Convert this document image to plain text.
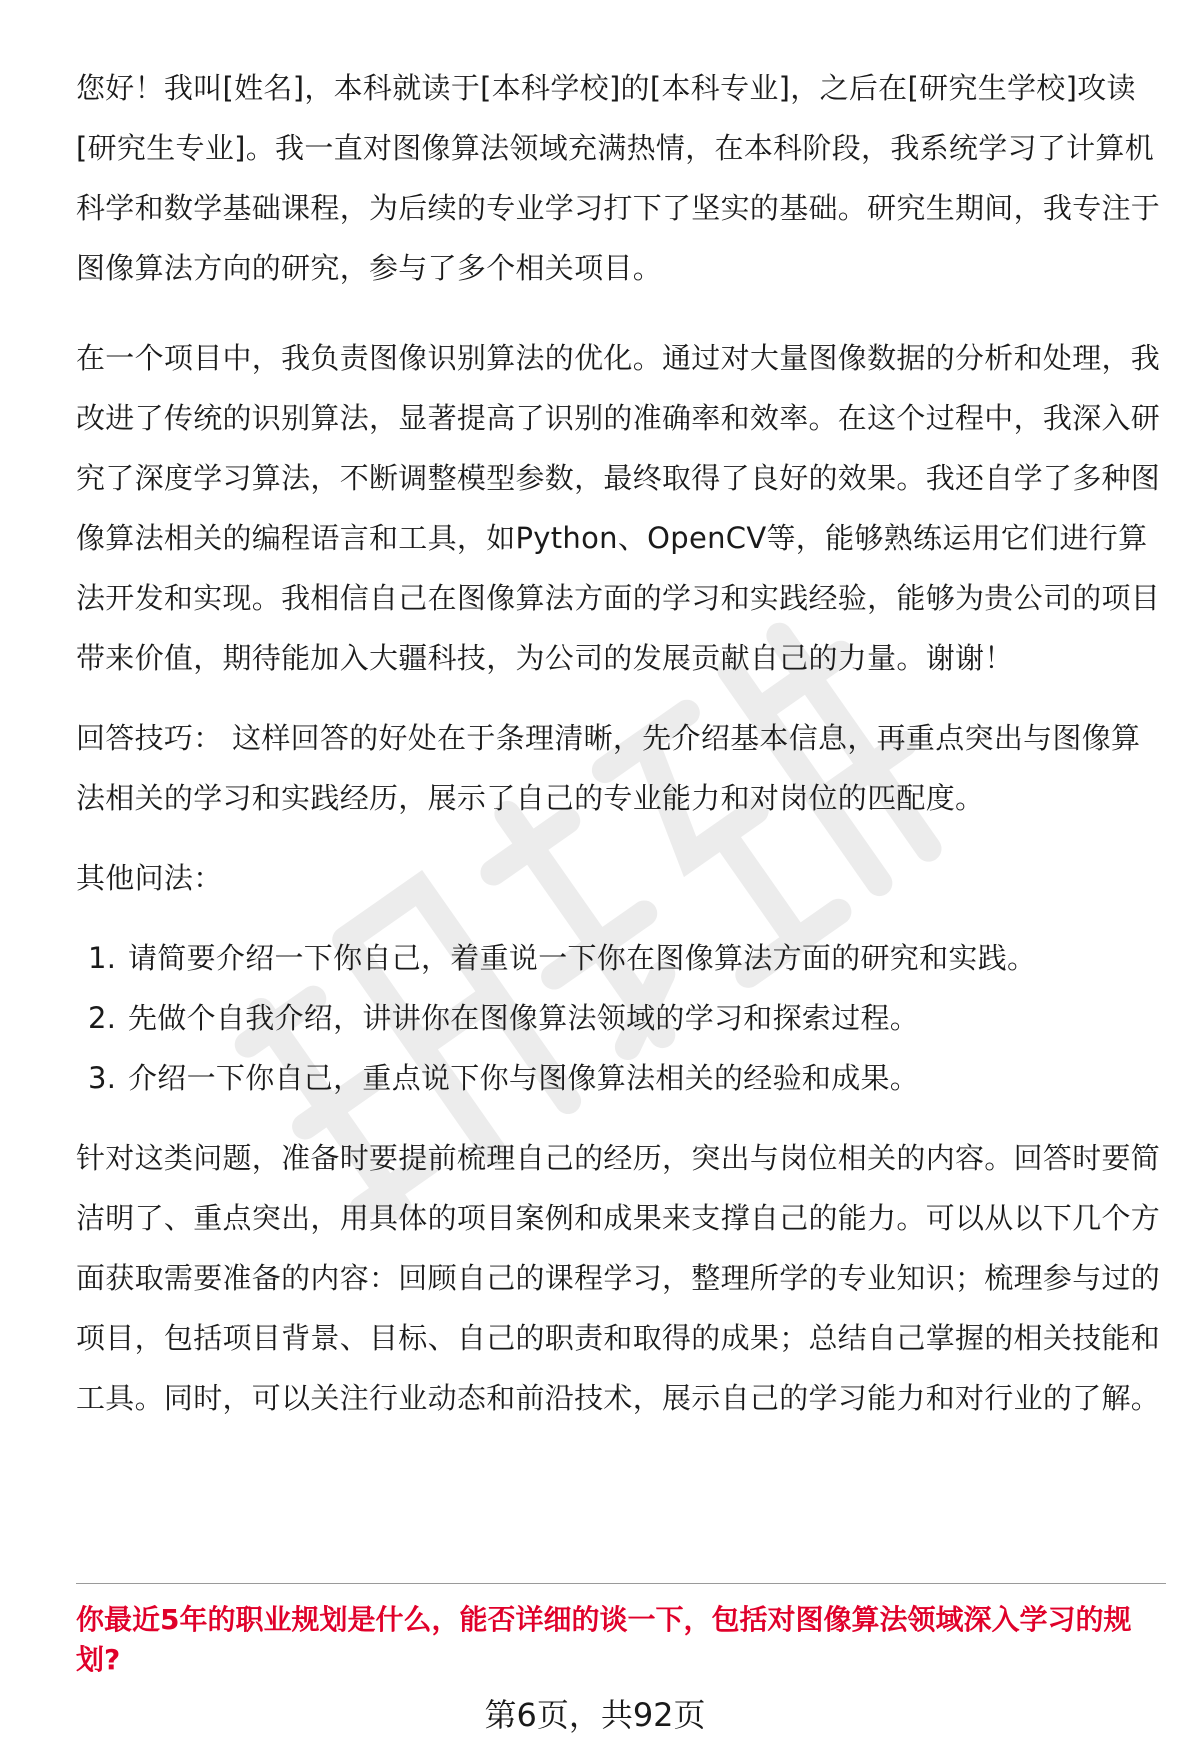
您好！我叫[姓名]，本科就读于[本科学校]的[本科专业]，之后在[研究生学校]攻读[研究生专业]。我一直对图像算法领域充满热情，在本科阶段，我系统学习了计算机科学和数学基础课程，为后续的专业学习打下了坚实的基础。研究生期间，我专注于图像算法方向的研究，参与了多个相关项目。

在一个项目中，我负责图像识别算法的优化。通过对大量图像数据的分析和处理，我改进了传统的识别算法，显著提高了识别的准确率和效率。在这个过程中，我深入研究了深度学习算法，不断调整模型参数，最终取得了良好的效果。我还自学了多种图像算法相关的编程语言和工具，如Python、OpenCV等，能够熟练运用它们进行算法开发和实现。我相信自己在图像算法方面的学习和实践经验，能够为贵公司的项目带来价值，期待能加入大疆科技，为公司的发展贡献自己的力量。谢谢！

回答技巧： 这样回答的好处在于条理清晰，先介绍基本信息，再重点突出与图像算法相关的学习和实践经历，展示了自己的专业能力和对岗位的匹配度。

其他问法：

1. 请简要介绍一下你自己，着重说一下你在图像算法方面的研究和实践。
2. 先做个自我介绍，讲讲你在图像算法领域的学习和探索过程。
3. 介绍一下你自己，重点说下你与图像算法相关的经验和成果。

针对这类问题，准备时要提前梳理自己的经历，突出与岗位相关的内容。回答时要简洁明了、重点突出，用具体的项目案例和成果来支撑自己的能力。可以从以下几个方面获取需要准备的内容：回顾自己的课程学习，整理所学的专业知识；梳理参与过的项目，包括项目背景、目标、自己的职责和取得的成果；总结自己掌握的相关技能和工具。同时，可以关注行业动态和前沿技术，展示自己的学习能力和对行业的了解。

你最近5年的职业规划是什么，能否详细的谈一下，包括对图像算法领域深入学习的规划?
第6页，共92页
